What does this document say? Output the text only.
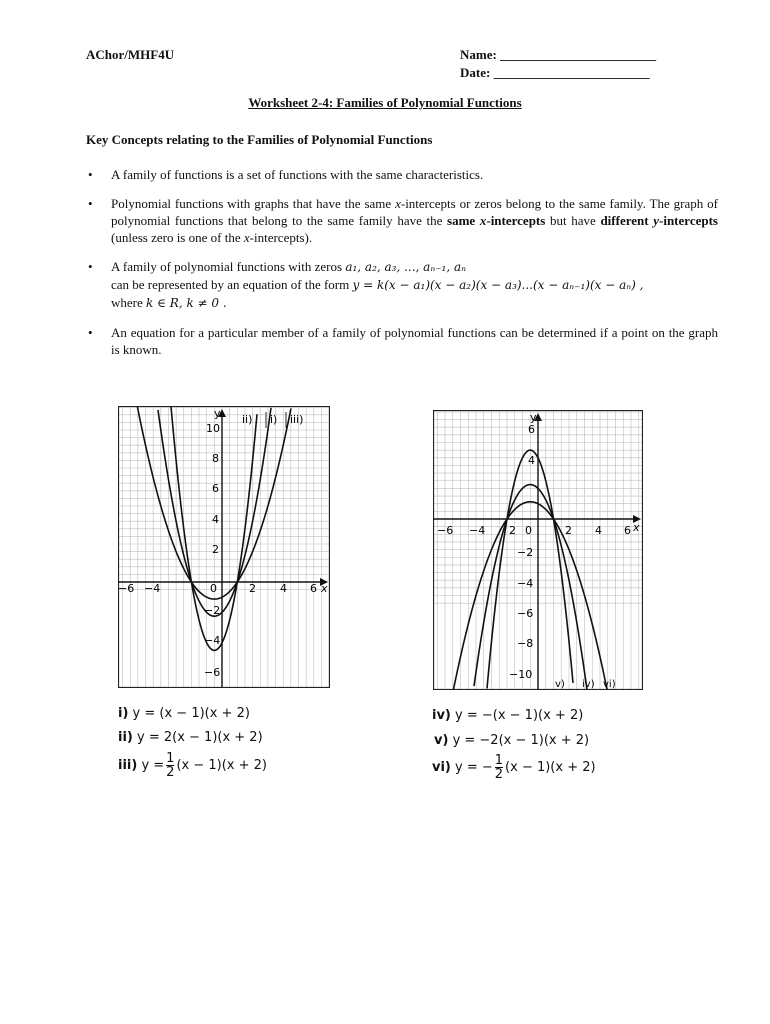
AChor/MHF4U	Name: ________________________
Date: ________________________
Worksheet 2-4: Families of Polynomial Functions
Key Concepts relating to the Families of Polynomial Functions
• A family of functions is a set of functions with the same characteristics.
• Polynomial functions with graphs that have the same x-intercepts or zeros belong to the same family. The graph of polynomial functions that belong to the same family have the same x-intercepts but have different y-intercepts (unless zero is one of the x-intercepts).
• A family of polynomial functions with zeros a₁, a₂, a₃, ..., aₙ₋₁, aₙ
can be represented by an equation of the form y = k(x − a₁)(x − a₂)(x − a₃)...(x − aₙ₋₁)(x − aₙ) ,
where k ∈ R, k ≠ 0 .
• An equation for a particular member of a family of polynomial functions can be determined if a point on the graph is known.
y
x
−6 −4	0	2 4 6
10
8
6
4
2
−2
−4
−6
ii) i) iii)	y
x
−6 −4 2 0	2 4 6
6
4
−2
−4
−6
−8
−10
v) iv) vi)
i) y = (x − 1)(x + 2)
ii) y = 2(x − 1)(x + 2)
iii) $y = \frac{1}{2} (x - 1)(x + 2)$
iv) y = −(x − 1)(x + 2)
v) y = −2(x − 1)(x + 2)
vi) y = − $\frac{1}{2} (x - 1)(x + 2)$
